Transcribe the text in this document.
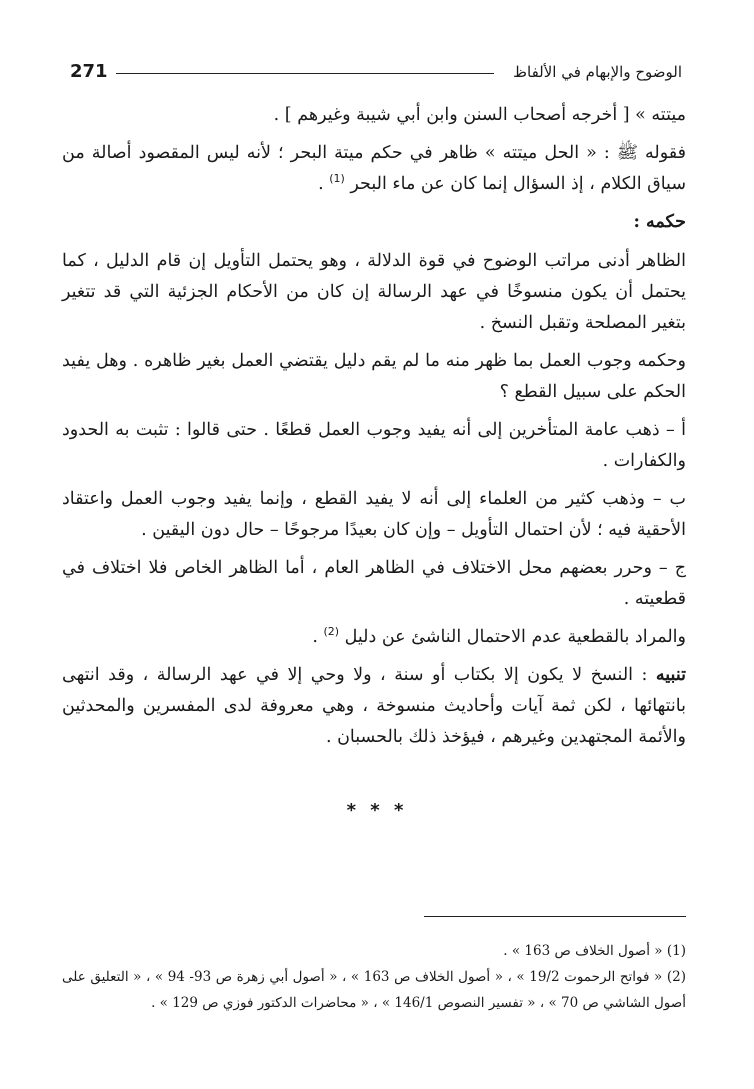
271	الوضوح والإبهام في الألفاظ

ميتته » [ أخرجه أصحاب السنن وابن أبي شيبة وغيرهم ] .

فقوله ﷺ : « الحل ميتته » ظاهر في حكم ميتة البحر ؛ لأنه ليس المقصود أصالة من سياق الكلام ، إذ السؤال إنما كان عن ماء البحر $^{(1)}$ .

حكمه :

الظاهر أدنى مراتب الوضوح في قوة الدلالة ، وهو يحتمل التأويل إن قام الدليل ، كما يحتمل أن يكون منسوخًا في عهد الرسالة إن كان من الأحكام الجزئية التي قد تتغير بتغير المصلحة وتقبل النسخ .

وحكمه وجوب العمل بما ظهر منه ما لم يقم دليل يقتضي العمل بغير ظاهره . وهل يفيد الحكم على سبيل القطع ؟

أ – ذهب عامة المتأخرين إلى أنه يفيد وجوب العمل قطعًا . حتى قالوا : تثبت به الحدود والكفارات .

ب – وذهب كثير من العلماء إلى أنه لا يفيد القطع ، وإنما يفيد وجوب العمل واعتقاد الأحقية فيه ؛ لأن احتمال التأويل – وإن كان بعيدًا مرجوحًا – حال دون اليقين .

ج – وحرر بعضهم محل الاختلاف في الظاهر العام ، أما الظاهر الخاص فلا اختلاف في قطعيته .

والمراد بالقطعية عدم الاحتمال الناشئ عن دليل $^{(2)}$ .

تنبيه : النسخ لا يكون إلا بكتاب أو سنة ، ولا وحي إلا في عهد الرسالة ، وقد انتهى بانتهائها ، لكن ثمة آيات وأحاديث منسوخة ، وهي معروفة لدى المفسرين والمحدثين والأئمة المجتهدين وغيرهم ، فيؤخذ ذلك بالحسبان .

* * *

(1) « أصول الخلاف ص 163 » .

(2) « فواتح الرحموت 19/2 » ، « أصول الخلاف ص 163 » ، « أصول أبي زهرة ص 93- 94 » ، « التعليق على أصول الشاشي ص 70 » ، « تفسير النصوص 146/1 » ، « محاضرات الدكتور فوزي ص 129 » .
